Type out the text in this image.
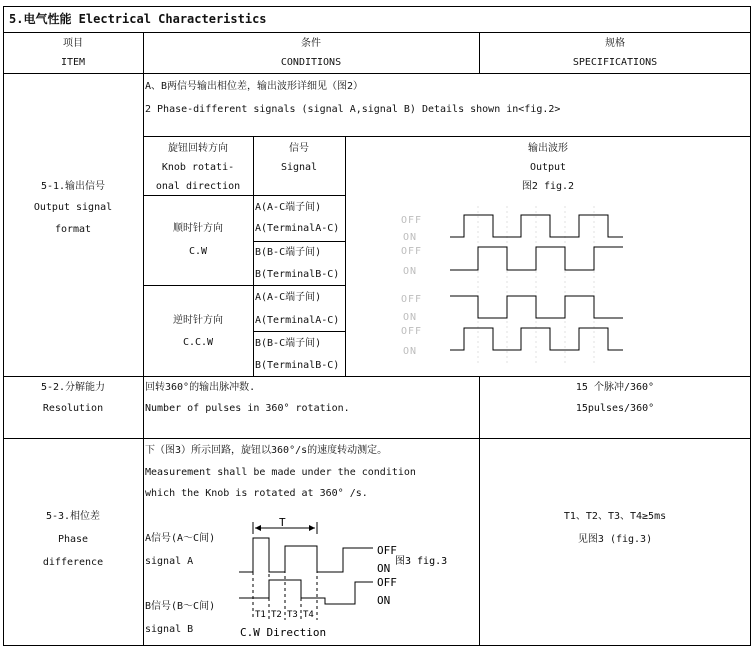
5.电气性能 Electrical Characteristics
项目
ITEM
条件
CONDITIONS
规格
SPECIFICATIONS
5-1.输出信号
Output signal
format
A、B两信号输出相位差，输出波形详细见（图2）
2 Phase-different signals (signal A,signal B) Details shown in<fig.2>
旋钮回转方向
Knob rotati-
onal direction
信号
Signal
输出波形
Output
图2 fig.2
顺时针方向
C.W
A(A-C端子间)
A(TerminalA-C)
B(B-C端子间)
B(TerminalB-C)
逆时针方向
C.C.W
A(A-C端子间)
A(TerminalA-C)
B(B-C端子间)
B(TerminalB-C)
OFF
ON
OFF
ON
OFF
ON
OFF
ON
5-2.分解能力
Resolution
回转360°的输出脉冲数.
Number of pulses in 360° rotation.
15 个脉冲/360°
15pulses/360°
5-3.相位差
Phase
difference
下（图3）所示回路，旋钮以360°/s的速度转动测定。
Measurement shall be made under the condition
which the Knob is rotated at 360° /s.
A信号(A～C间)
signal A
B信号(B～C间)
signal B
T1、T2、T3、T4≥5ms
见图3 (fig.3)
T
OFF
ON
OFF
ON
图3 fig.3
T1 T2 T3 T4
C.W Direction
